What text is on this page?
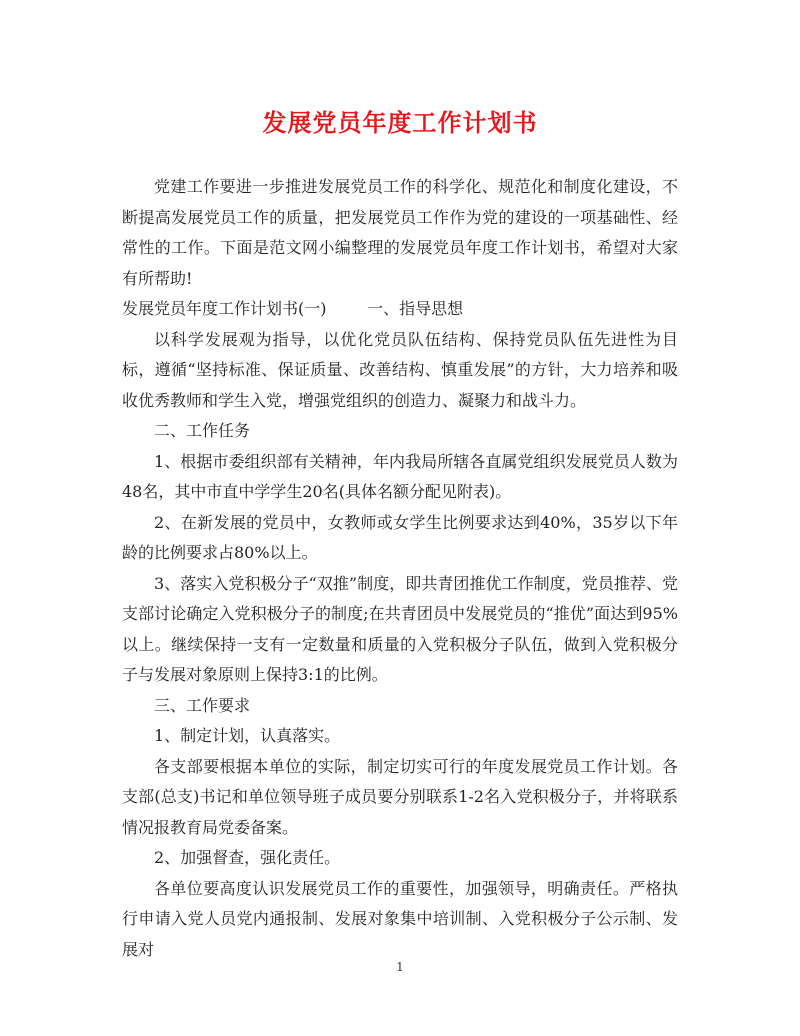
发展党员年度工作计划书

党建工作要进一步推进发展党员工作的科学化、规范化和制度化建设，不断提高发展党员工作的质量，把发展党员工作作为党的建设的一项基础性、经常性的工作。下面是范文网小编整理的发展党员年度工作计划书，希望对大家有所帮助!

发展党员年度工作计划书(一)        一、指导思想

以科学发展观为指导，以优化党员队伍结构、保持党员队伍先进性为目标，遵循“坚持标准、保证质量、改善结构、慎重发展”的方针，大力培养和吸收优秀教师和学生入党，增强党组织的创造力、凝聚力和战斗力。

二、工作任务

1、根据市委组织部有关精神，年内我局所辖各直属党组织发展党员人数为48名，其中市直中学学生20名(具体名额分配见附表)。

2、在新发展的党员中，女教师或女学生比例要求达到40%，35岁以下年龄的比例要求占80%以上。

3、落实入党积极分子“双推”制度，即共青团推优工作制度，党员推荐、党支部讨论确定入党积极分子的制度;在共青团员中发展党员的“推优”面达到95%以上。继续保持一支有一定数量和质量的入党积极分子队伍，做到入党积极分子与发展对象原则上保持3:1的比例。

三、工作要求

1、制定计划，认真落实。

各支部要根据本单位的实际，制定切实可行的年度发展党员工作计划。各支部(总支)书记和单位领导班子成员要分别联系1-2名入党积极分子，并将联系情况报教育局党委备案。

2、加强督查，强化责任。

各单位要高度认识发展党员工作的重要性，加强领导，明确责任。严格执行申请入党人员党内通报制、发展对象集中培训制、入党积极分子公示制、发展对

1
